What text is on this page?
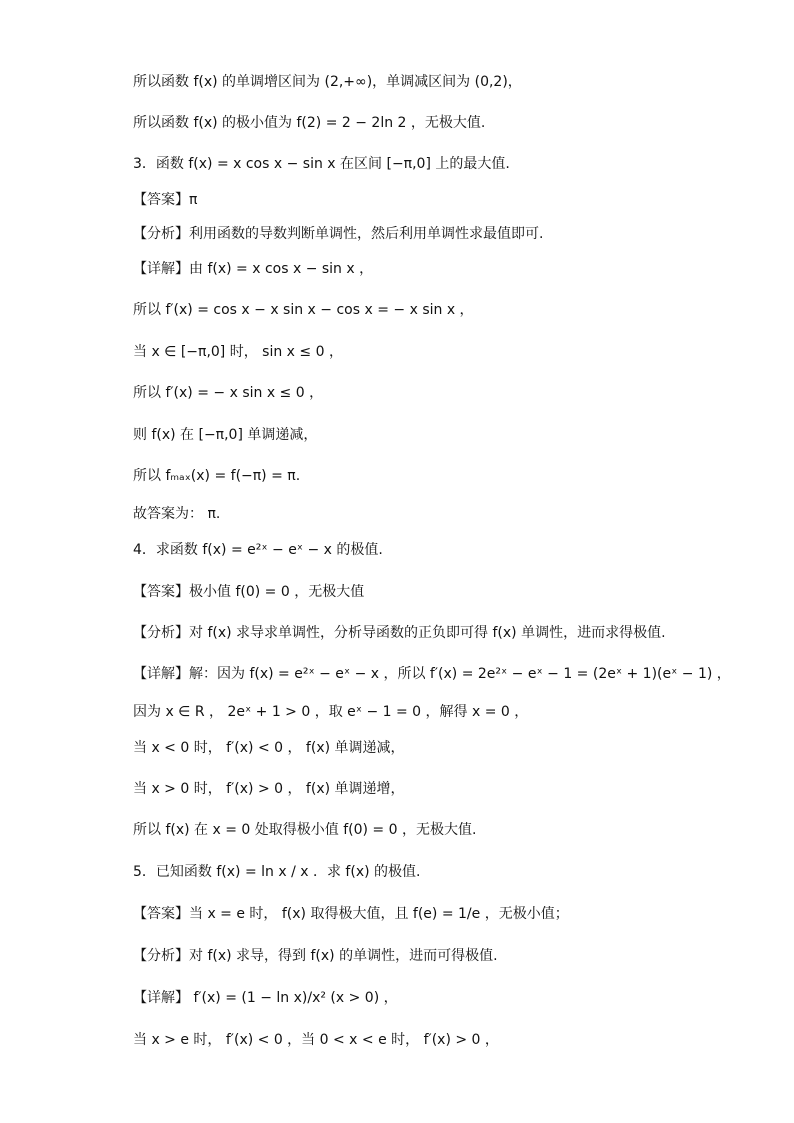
所以函数 f(x) 的单调增区间为 (2,+∞)，单调减区间为 (0,2)，
所以函数 f(x) 的极小值为 f(2) = 2 − 2ln 2 ，无极大值.
3．函数 f(x) = x cos x − sin x 在区间 [−π,0] 上的最大值.
【答案】π
【分析】利用函数的导数判断单调性，然后利用单调性求最值即可.
【详解】由 f(x) = x cos x − sin x ，
所以 f′(x) = cos x − x sin x − cos x = − x sin x ，
当 x ∈ [−π,0] 时， sin x ≤ 0 ，
所以 f′(x) = − x sin x ≤ 0 ，
则 f(x) 在 [−π,0] 单调递减，
所以 fₘₐₓ(x) = f(−π) = π.
故答案为： π.
4．求函数 f(x) = e²ˣ − eˣ − x 的极值.
【答案】极小值 f(0) = 0 ，无极大值
【分析】对 f(x) 求导求单调性，分析导函数的正负即可得 f(x) 单调性，进而求得极值.
【详解】解：因为 f(x) = e²ˣ − eˣ − x ，所以 f′(x) = 2e²ˣ − eˣ − 1 = (2eˣ + 1)(eˣ − 1) ，
因为 x ∈ R ， 2eˣ + 1 > 0 ，取 eˣ − 1 = 0 ，解得 x = 0 ，
当 x < 0 时， f′(x) < 0 ， f(x) 单调递减，
当 x > 0 时， f′(x) > 0 ， f(x) 单调递增，
所以 f(x) 在 x = 0 处取得极小值 f(0) = 0 ，无极大值.
5．已知函数 f(x) = ln x / x ．求 f(x) 的极值.
【答案】当 x = e 时， f(x) 取得极大值，且 f(e) = 1/e ，无极小值；
【分析】对 f(x) 求导，得到 f(x) 的单调性，进而可得极值.
【详解】 f′(x) = (1 − ln x)/x² (x > 0) ，
当 x > e 时， f′(x) < 0 ，当 0 < x < e 时， f′(x) > 0 ，
